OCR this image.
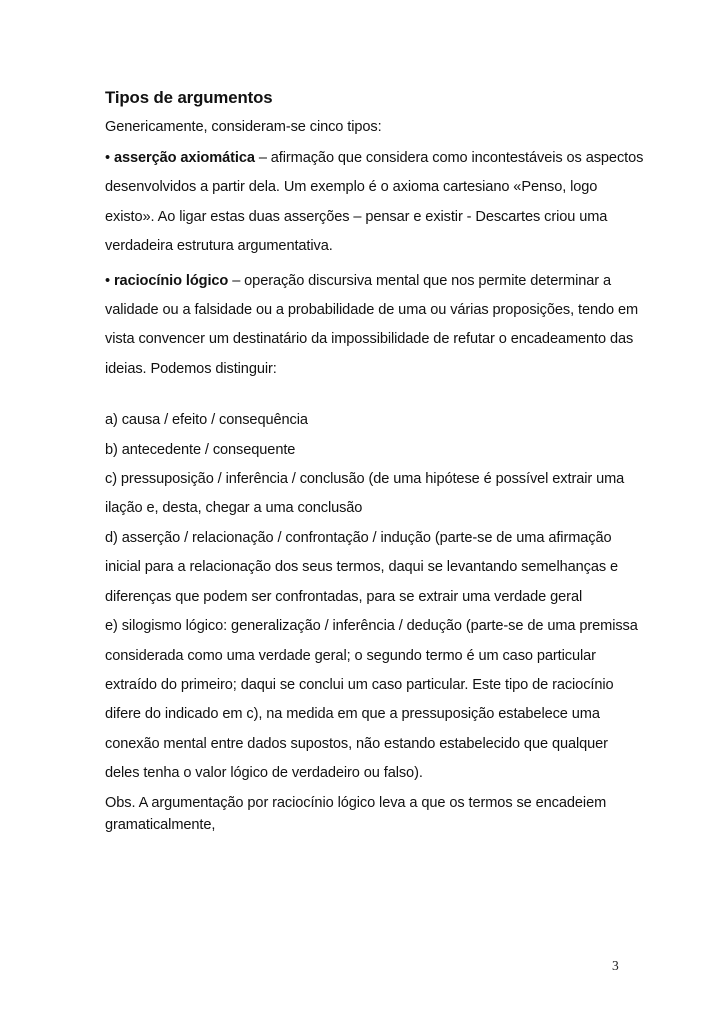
Tipos de argumentos

Genericamente, consideram-se cinco tipos:

• asserção axiomática – afirmação que considera como incontestáveis os aspectos desenvolvidos a partir dela. Um exemplo é o axioma cartesiano «Penso, logo existo». Ao ligar estas duas asserções – pensar e existir - Descartes criou uma verdadeira estrutura argumentativa.

• raciocínio lógico – operação discursiva mental que nos permite determinar a validade ou a falsidade ou a probabilidade de uma ou várias proposições, tendo em vista convencer um destinatário da impossibilidade de refutar o encadeamento das ideias. Podemos distinguir:

a) causa / efeito / consequência

b) antecedente / consequente

c) pressuposição / inferência / conclusão (de uma hipótese é possível extrair uma ilação e, desta, chegar a uma conclusão

d) asserção / relacionação / confrontação / indução (parte-se de uma afirmação inicial para a relacionação dos seus termos, daqui se levantando semelhanças e diferenças que podem ser confrontadas, para se extrair uma verdade geral

e) silogismo lógico: generalização / inferência / dedução (parte-se de uma premissa considerada como uma verdade geral; o segundo termo é um caso particular extraído do primeiro; daqui se conclui um caso particular. Este tipo de raciocínio difere do indicado em c), na medida em que a pressuposição estabelece uma conexão mental entre dados supostos, não estando estabelecido que qualquer deles tenha o valor lógico de verdadeiro ou falso).

Obs. A argumentação por raciocínio lógico leva a que os termos se encadeiem gramaticalmente,

3
